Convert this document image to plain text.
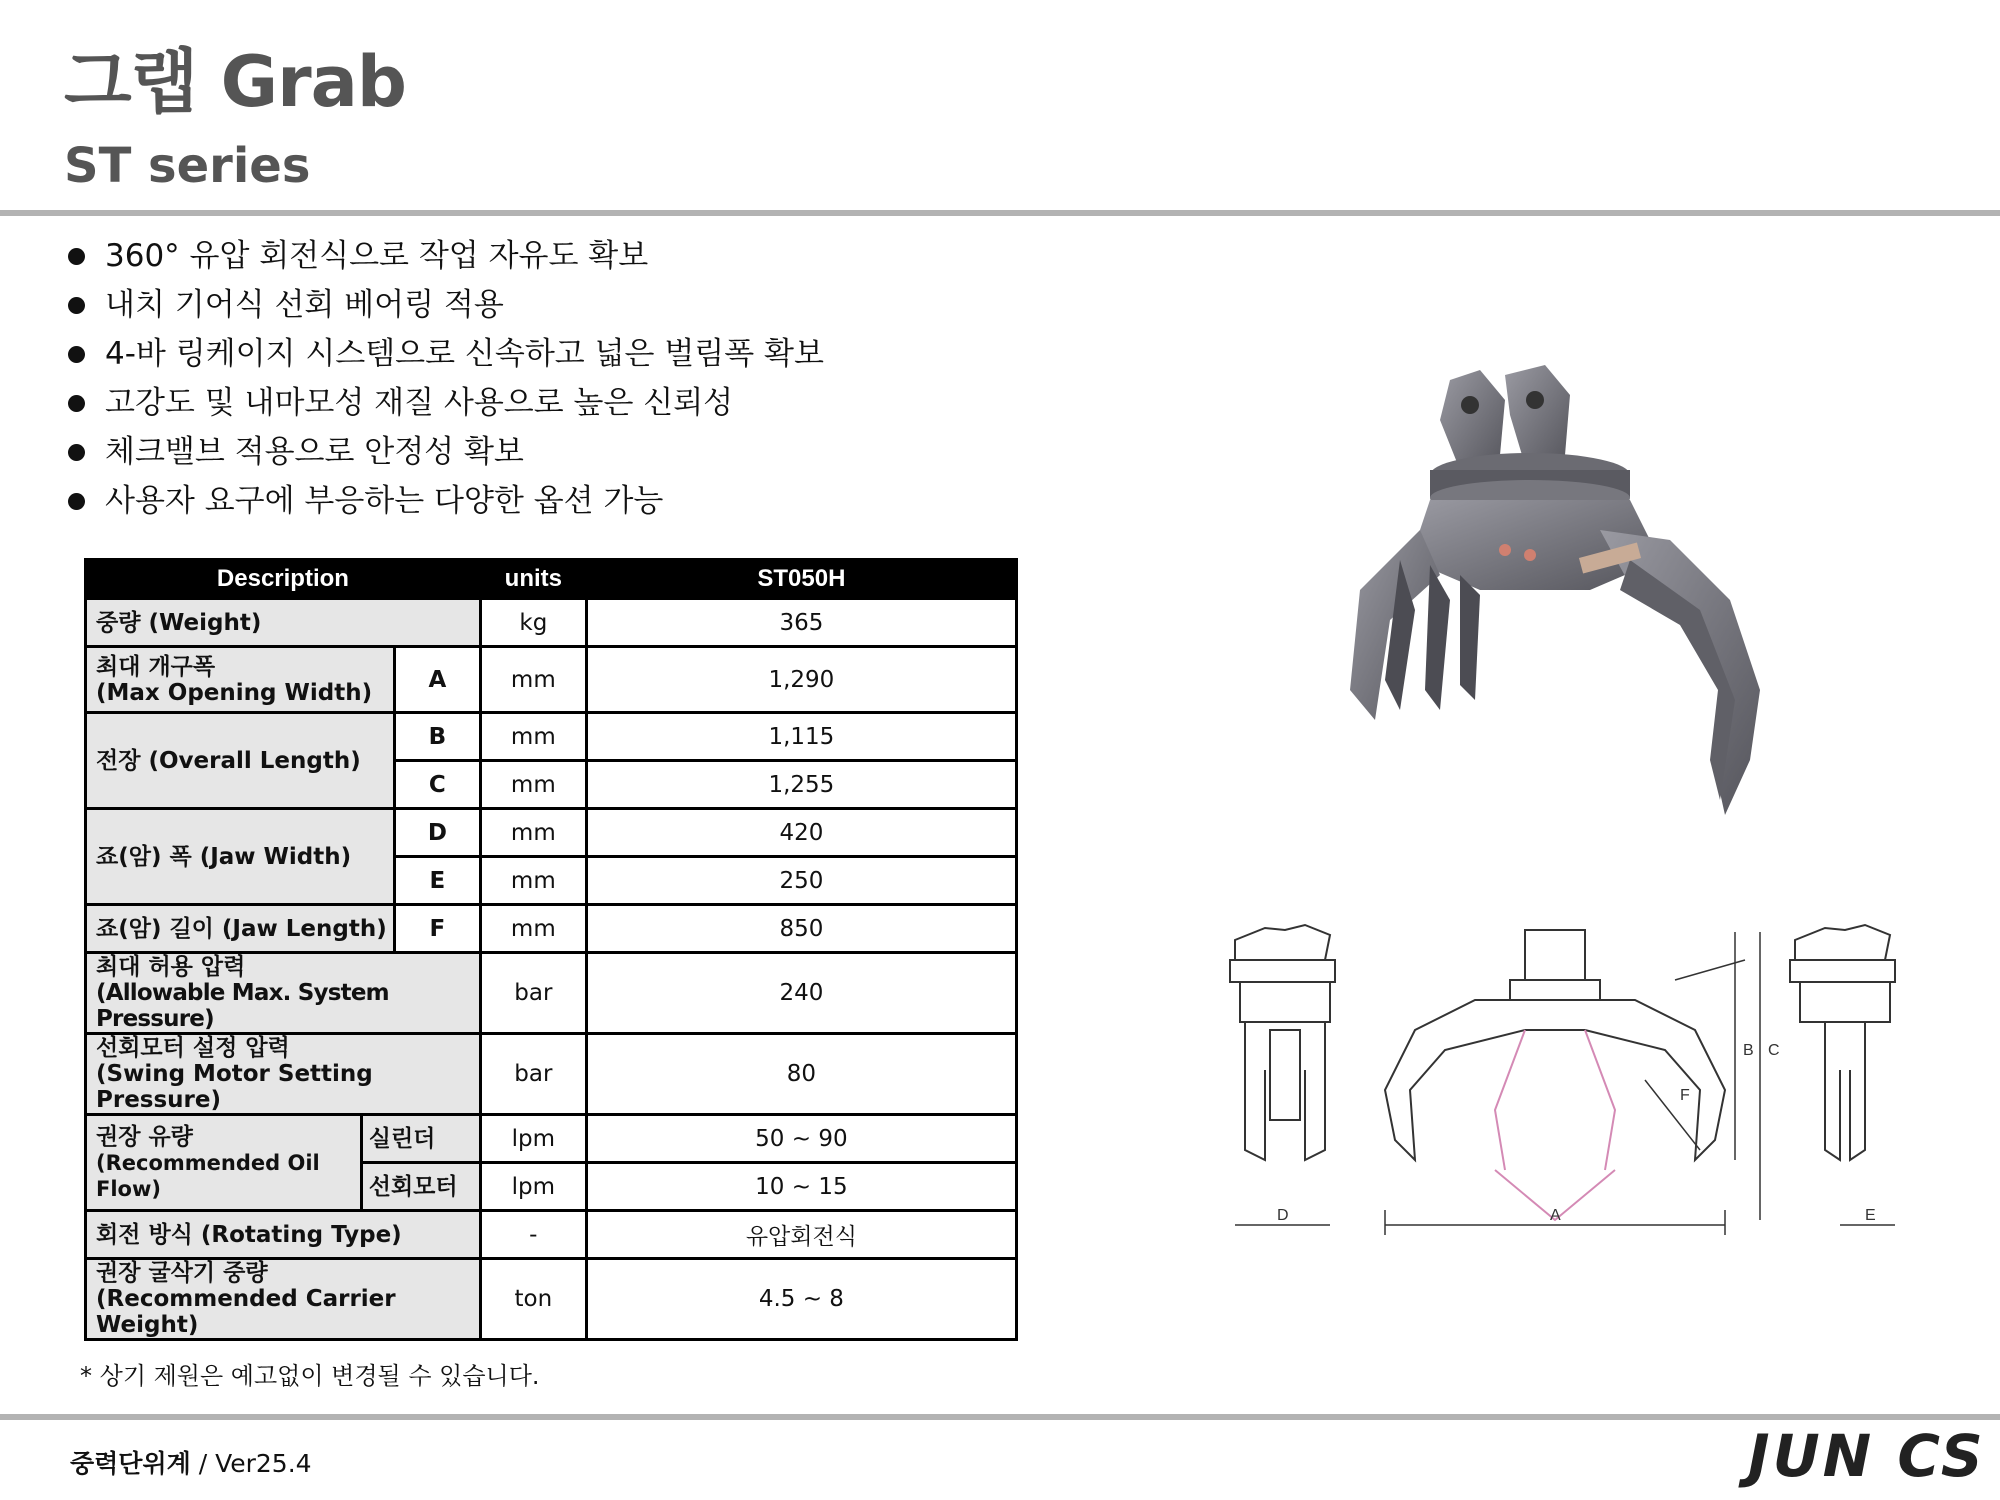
그랩 Grab
ST series
360° 유압 회전식으로 작업 자유도 확보
내치 기어식 선회 베어링 적용
4-바 링케이지 시스템으로 신속하고 넓은 벌림폭 확보
고강도 및 내마모성 재질 사용으로 높은 신뢰성
체크밸브 적용으로 안정성 확보
사용자 요구에 부응하는 다양한 옵션 가능
Description			units	ST050H
중량 (Weight)			kg	365
최대 개구폭
(Max Opening Width)		A	mm	1,290
전장 (Overall Length)		B	mm	1,115
		C	mm	1,255
죠(암) 폭 (Jaw Width)		D	mm	420
		E	mm	250
죠(암) 길이 (Jaw Length)		F	mm	850
최대 허용 압력
(Allowable Max. System Pressure)			bar	240
선회모터 설정 압력
(Swing Motor Setting Pressure)			bar	80
권장 유량
(Recommended Oil Flow)	실린더		lpm	50 ~ 90
	선회모터		lpm	10 ~ 15
회전 방식 (Rotating Type)			-	유압회전식
권장 굴삭기 중량
(Recommended Carrier Weight)			ton	4.5 ~ 8
D	A
B C
F
E
* 상기 제원은 예고없이 변경될 수 있습니다.
중력단위계 / Ver25.4	JUN CS
